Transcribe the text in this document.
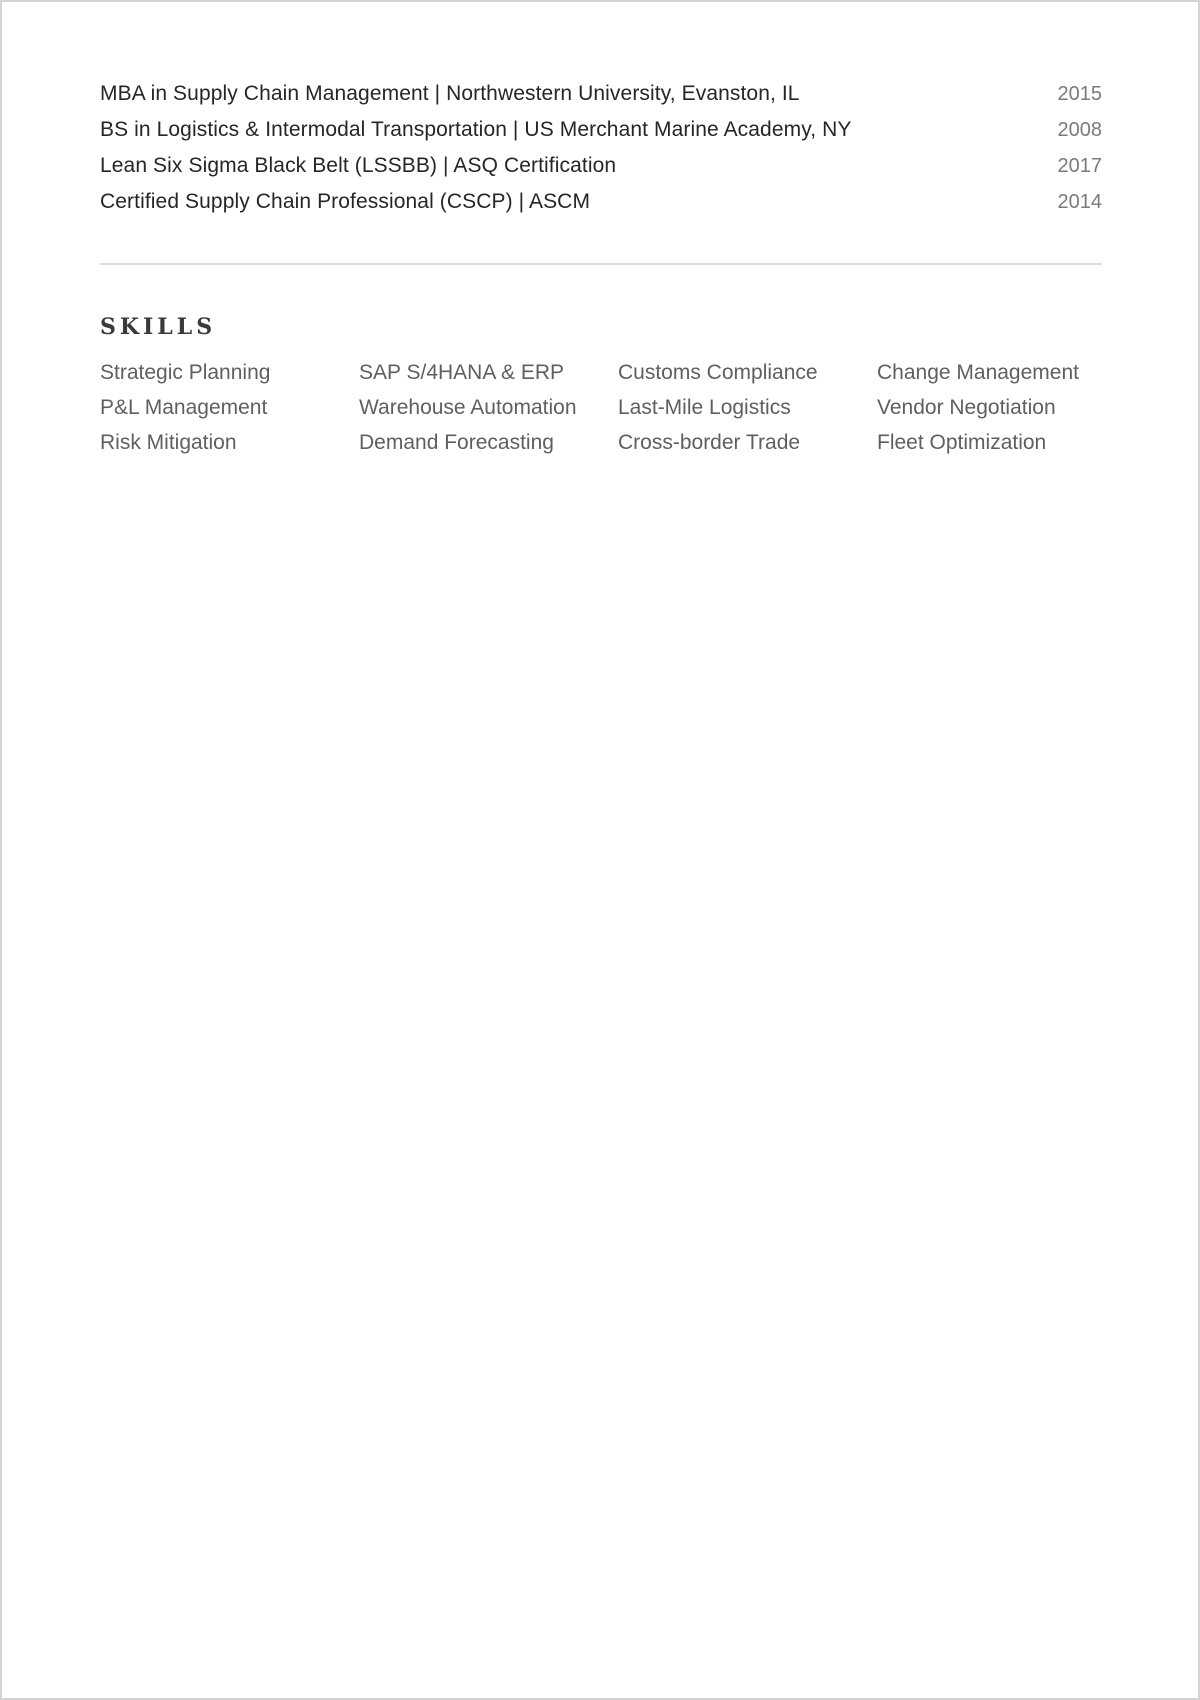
MBA in Supply Chain Management | Northwestern University, Evanston, IL	2015
BS in Logistics & Intermodal Transportation | US Merchant Marine Academy, NY	2008
Lean Six Sigma Black Belt (LSSBB) | ASQ Certification	2017
Certified Supply Chain Professional (CSCP) | ASCM	2014
SKILLS
Strategic Planning	SAP S/4HANA & ERP	Customs Compliance	Change Management
P&L Management	Warehouse Automation	Last-Mile Logistics	Vendor Negotiation
Risk Mitigation	Demand Forecasting	Cross-border Trade	Fleet Optimization
